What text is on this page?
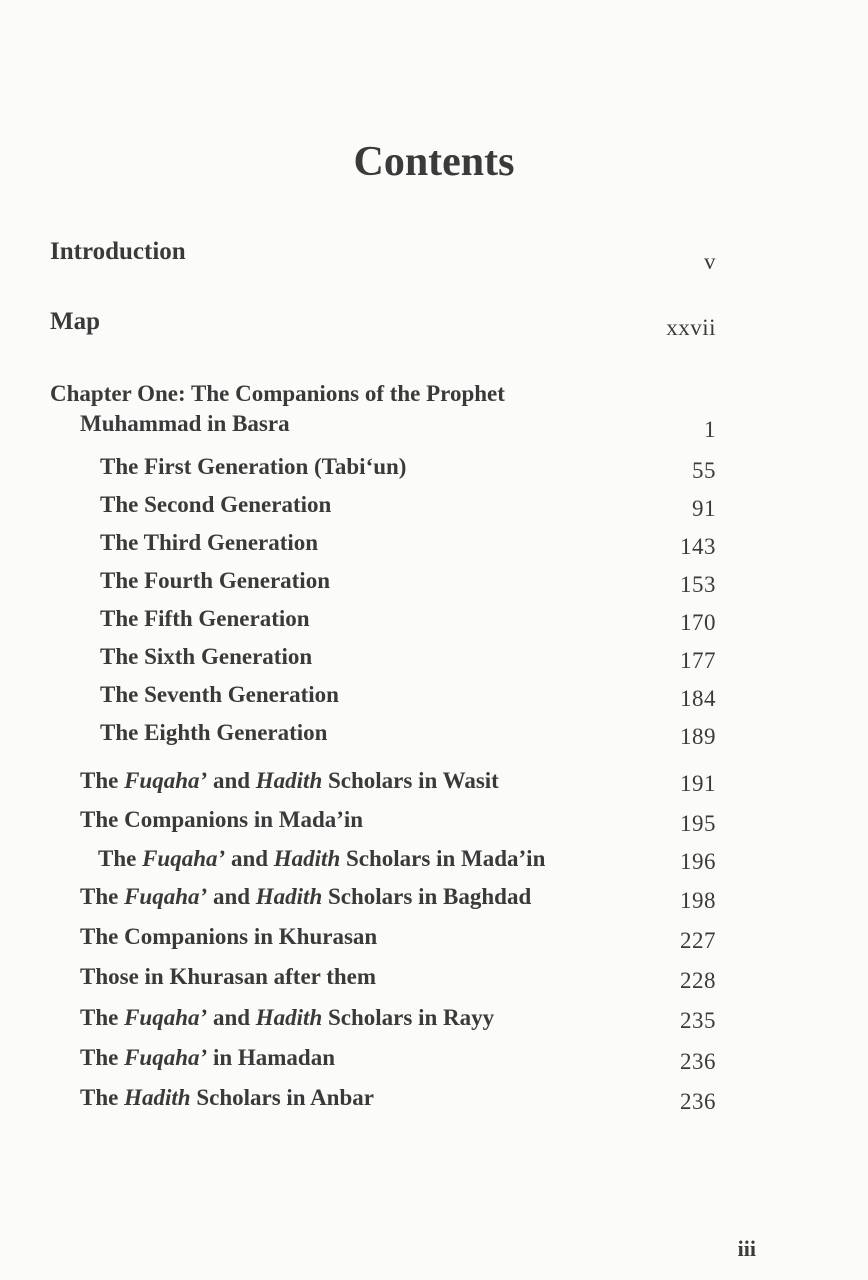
Contents
Introduction	v
Map	xxvii
Chapter One: The Companions of the Prophet
Muhammad in Basra	1
The First Generation (Tabi‘un)	55
The Second Generation	91
The Third Generation	143
The Fourth Generation	153
The Fifth Generation	170
The Sixth Generation	177
The Seventh Generation	184
The Eighth Generation	189
The Fuqaha’ and Hadith Scholars in Wasit	191
The Companions in Mada’in	195
The Fuqaha’ and Hadith Scholars in Mada’in	196
The Fuqaha’ and Hadith Scholars in Baghdad	198
The Companions in Khurasan	227
Those in Khurasan after them	228
The Fuqaha’ and Hadith Scholars in Rayy	235
The Fuqaha’ in Hamadan	236
The Hadith Scholars in Anbar	236
iii
